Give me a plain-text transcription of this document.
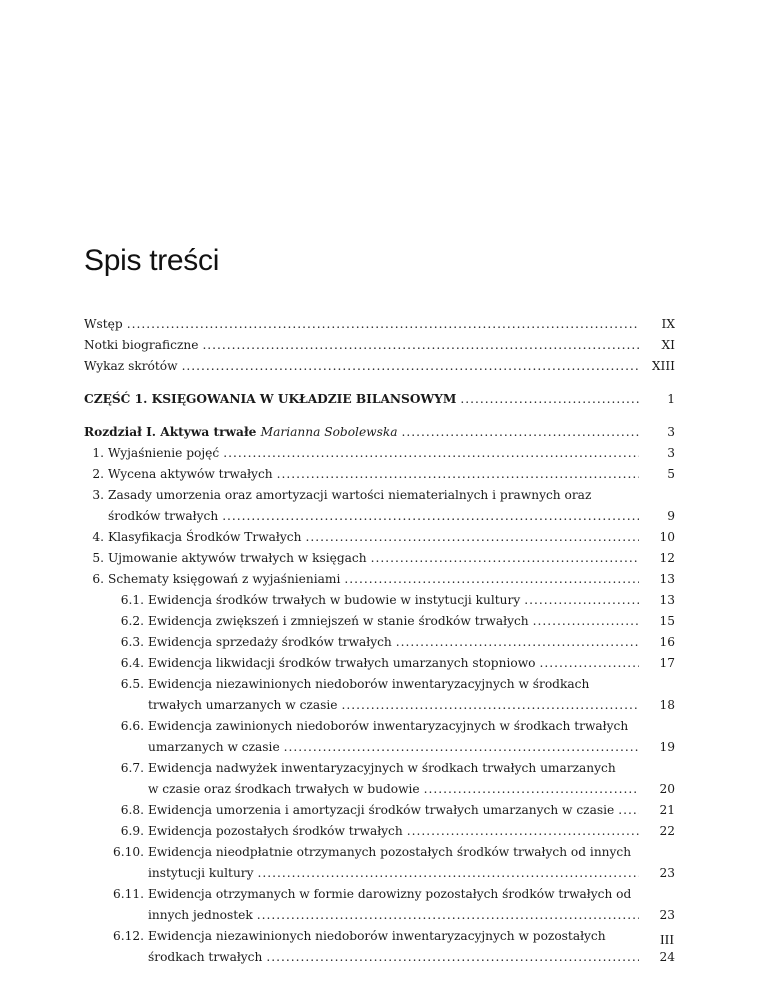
Spis treści
Wstęp .....	IX
Notki biograficzne .....	XI
Wykaz skrótów .....	XIII
CZĘŚĆ 1. KSIĘGOWANIA W UKŁADZIE BILANSOWYM .....	1
Rozdział I. Aktywa trwałe Marianna Sobolewska .....	3
1. Wyjaśnienie pojęć .....	3
2. Wycena aktywów trwałych .....	5
3. Zasady umorzenia oraz amortyzacji wartości niematerialnych i prawnych oraz
środków trwałych .....	9
4. Klasyfikacja Środków Trwałych .....	10
5. Ujmowanie aktywów trwałych w księgach .....	12
6. Schematy księgowań z wyjaśnieniami .....	13
6.1. Ewidencja środków trwałych w budowie w instytucji kultury .....	13
6.2. Ewidencja zwiększeń i zmniejszeń w stanie środków trwałych .....	15
6.3. Ewidencja sprzedaży środków trwałych .....	16
6.4. Ewidencja likwidacji środków trwałych umarzanych stopniowo .....	17
6.5. Ewidencja niezawinionych niedoborów inwentaryzacyjnych w środkach
trwałych umarzanych w czasie .....	18
6.6. Ewidencja zawinionych niedoborów inwentaryzacyjnych w środkach trwałych
umarzanych w czasie .....	19
6.7. Ewidencja nadwyżek inwentaryzacyjnych w środkach trwałych umarzanych
w czasie oraz środkach trwałych w budowie .....	20
6.8. Ewidencja umorzenia i amortyzacji środków trwałych umarzanych w czasie .....	21
6.9. Ewidencja pozostałych środków trwałych .....	22
6.10. Ewidencja nieodpłatnie otrzymanych pozostałych środków trwałych od innych
instytucji kultury .....	23
6.11. Ewidencja otrzymanych w formie darowizny pozostałych środków trwałych od
innych jednostek .....	23
6.12. Ewidencja niezawinionych niedoborów inwentaryzacyjnych w pozostałych
środkach trwałych .....	24
III
